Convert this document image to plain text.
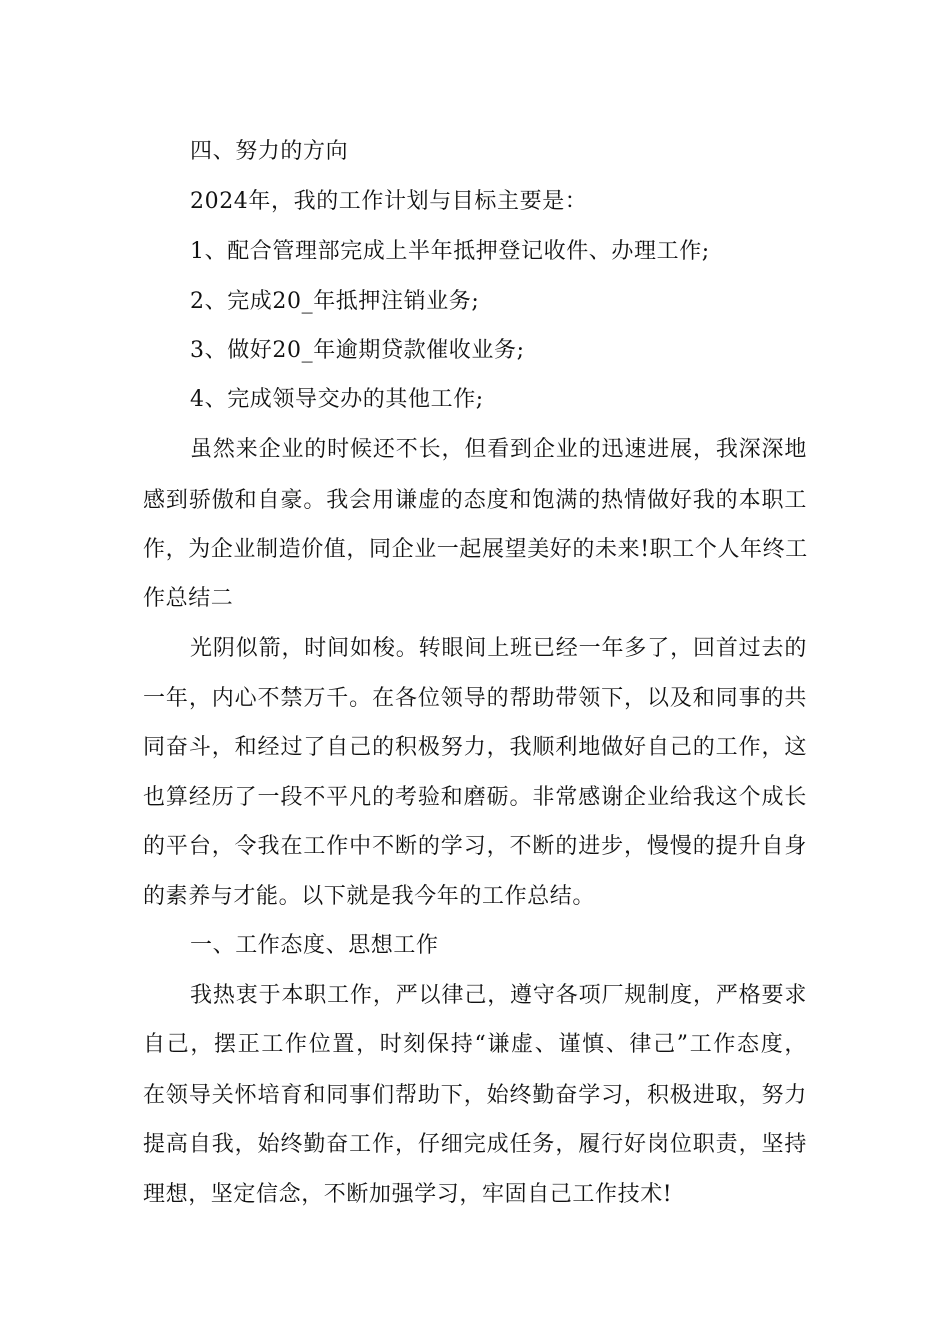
四、努力的方向
2024年，我的工作计划与目标主要是：
1、配合管理部完成上半年抵押登记收件、办理工作;
2、完成20_年抵押注销业务;
3、做好20_年逾期贷款催收业务;
4、完成领导交办的其他工作;
虽然来企业的时候还不长，但看到企业的迅速进展，我深深地
感到骄傲和自豪。我会用谦虚的态度和饱满的热情做好我的本职工
作，为企业制造价值，同企业一起展望美好的未来!职工个人年终工
作总结二
光阴似箭，时间如梭。转眼间上班已经一年多了，回首过去的
一年，内心不禁万千。在各位领导的帮助带领下，以及和同事的共
同奋斗，和经过了自己的积极努力，我顺利地做好自己的工作，这
也算经历了一段不平凡的考验和磨砺。非常感谢企业给我这个成长
的平台，令我在工作中不断的学习，不断的进步，慢慢的提升自身
的素养与才能。以下就是我今年的工作总结。
一、工作态度、思想工作
我热衷于本职工作，严以律己，遵守各项厂规制度，严格要求
自己，摆正工作位置，时刻保持“谦虚、谨慎、律己”工作态度，
在领导关怀培育和同事们帮助下，始终勤奋学习，积极进取，努力
提高自我，始终勤奋工作，仔细完成任务，履行好岗位职责，坚持
理想，坚定信念，不断加强学习，牢固自己工作技术!
